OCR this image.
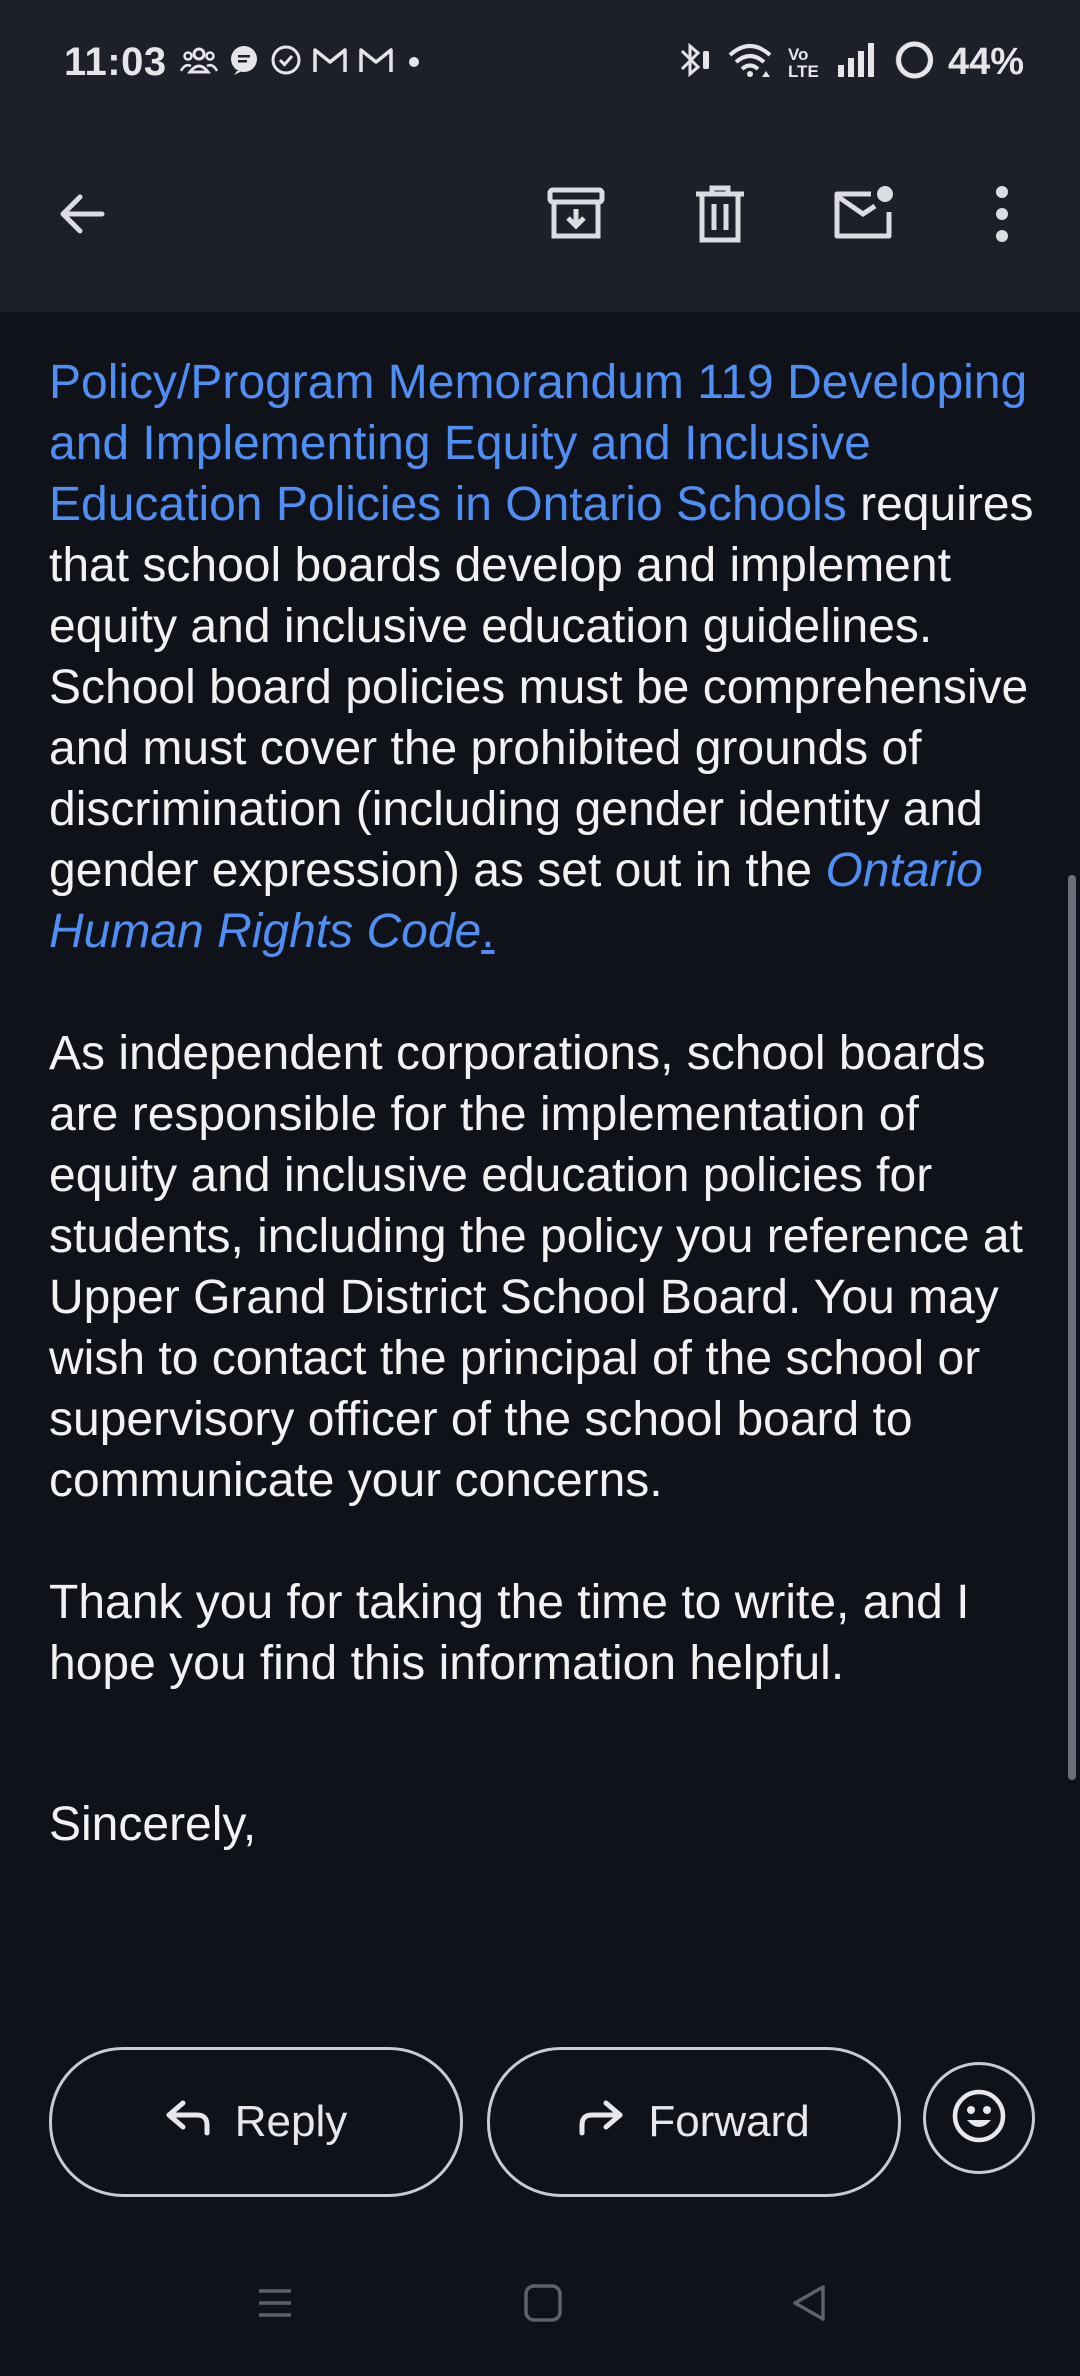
11:03	Vo LTE	44%

Policy/Program Memorandum 119 Developing and Implementing Equity and Inclusive Education Policies in Ontario Schools requires that school boards develop and implement equity and inclusive education guidelines. School board policies must be comprehensive and must cover the prohibited grounds of discrimination (including gender identity and gender expression) as set out in the Ontario Human Rights Code.

As independent corporations, school boards are responsible for the implementation of equity and inclusive education policies for students, including the policy you reference at Upper Grand District School Board. You may wish to contact the principal of the school or supervisory officer of the school board to communicate your concerns.

Thank you for taking the time to write, and I hope you find this information helpful.

Sincerely,

Reply	Forward
